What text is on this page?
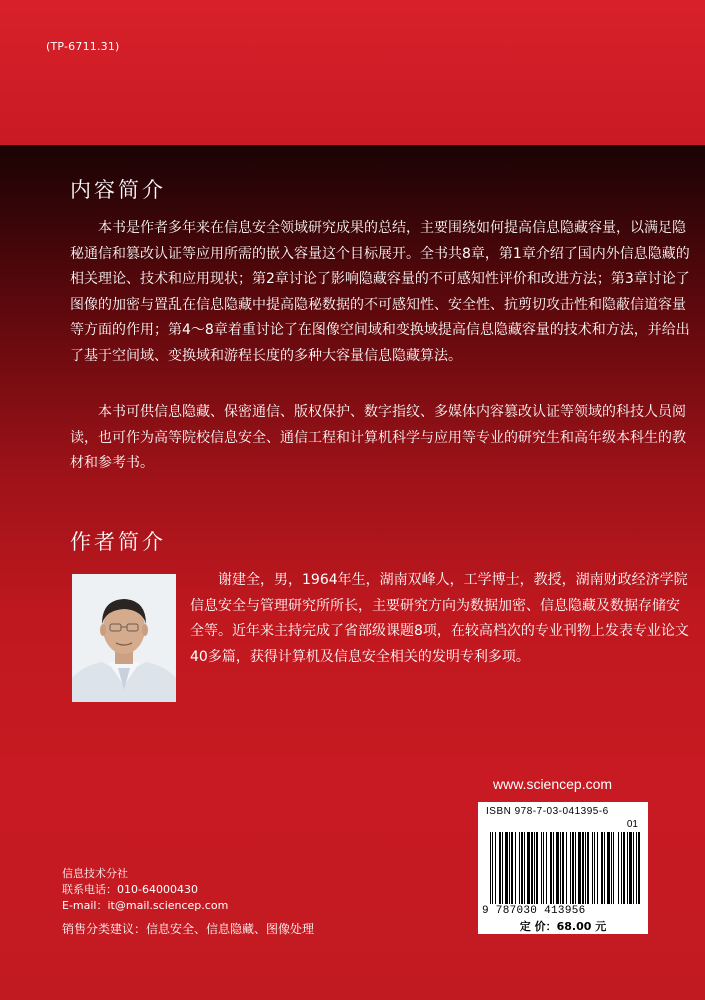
(TP-6711.31)
内容简介

本书是作者多年来在信息安全领域研究成果的总结，主要围绕如何提高信息隐藏容量，以满足隐秘通信和篡改认证等应用所需的嵌入容量这个目标展开。全书共8章，第1章介绍了国内外信息隐藏的相关理论、技术和应用现状；第2章讨论了影响隐藏容量的不可感知性评价和改进方法；第3章讨论了图像的加密与置乱在信息隐藏中提高隐秘数据的不可感知性、安全性、抗剪切攻击性和隐蔽信道容量等方面的作用；第4～8章着重讨论了在图像空间域和变换域提高信息隐藏容量的技术和方法，并给出了基于空间域、变换域和游程长度的多种大容量信息隐藏算法。

本书可供信息隐藏、保密通信、版权保护、数字指纹、多媒体内容篡改认证等领域的科技人员阅读，也可作为高等院校信息安全、通信工程和计算机科学与应用等专业的研究生和高年级本科生的教材和参考书。

作者简介
谢建全，男，1964年生，湖南双峰人，工学博士，教授，湖南财政经济学院信息安全与管理研究所所长，主要研究方向为数据加密、信息隐藏及数据存储安全等。近年来主持完成了省部级课题8项，在较高档次的专业刊物上发表专业论文40多篇，获得计算机及信息安全相关的发明专利多项。
www.sciencep.com
ISBN 978-7-03-041395-6
01
9 787030 413956
定 价：68.00 元
信息技术分社
联系电话：010-64000430
E-mail：it@mail.sciencep.com
销售分类建议：信息安全、信息隐藏、图像处理
